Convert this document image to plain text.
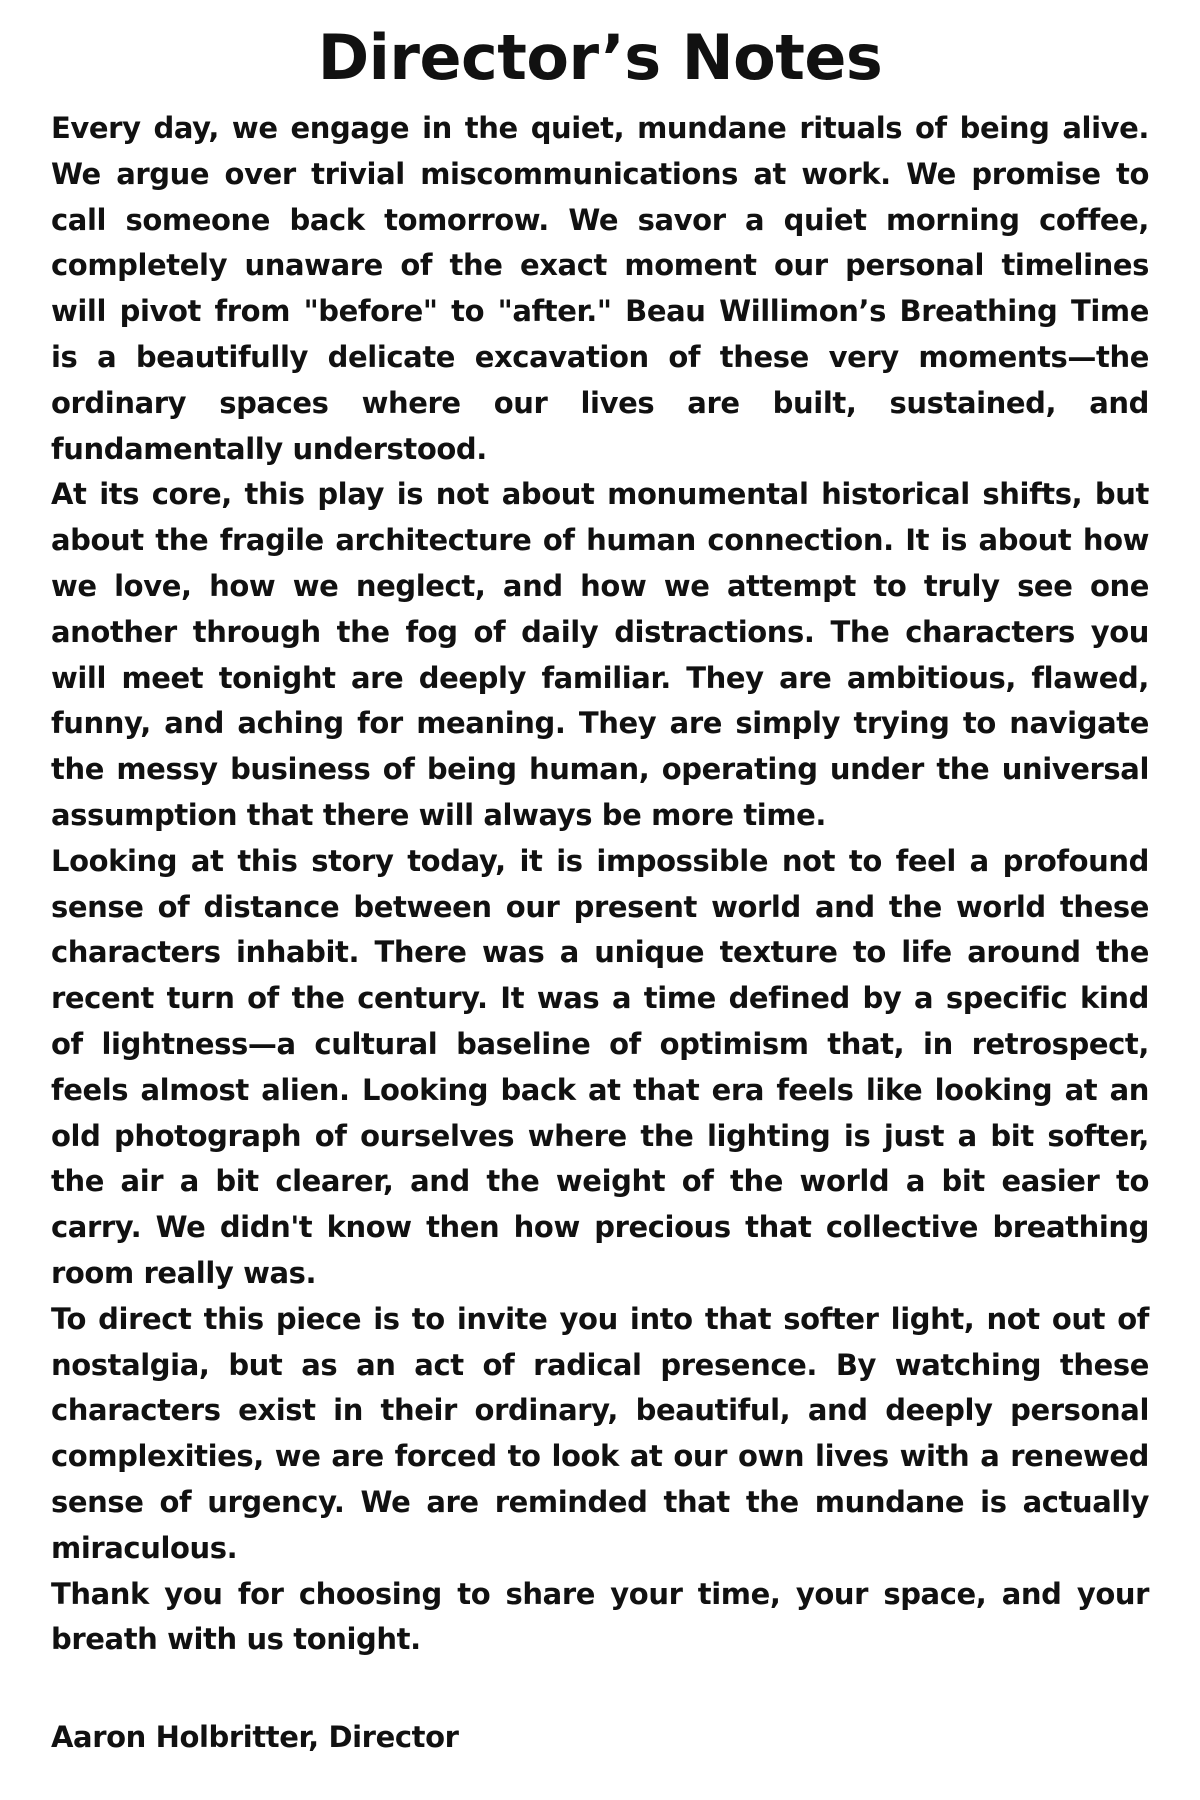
Director’s Notes

Every day, we engage in the quiet, mundane rituals of being alive. We argue over trivial miscommunications at work. We promise to call someone back tomorrow. We savor a quiet morning coffee, completely unaware of the exact moment our personal timelines will pivot from "before" to "after." Beau Willimon’s Breathing Time is a beautifully delicate excavation of these very moments—the ordinary spaces where our lives are built, sustained, and fundamentally understood.

At its core, this play is not about monumental historical shifts, but about the fragile architecture of human connection. It is about how we love, how we neglect, and how we attempt to truly see one another through the fog of daily distractions. The characters you will meet tonight are deeply familiar. They are ambitious, flawed, funny, and aching for meaning. They are simply trying to navigate the messy business of being human, operating under the universal assumption that there will always be more time.

Looking at this story today, it is impossible not to feel a profound sense of distance between our present world and the world these characters inhabit. There was a unique texture to life around the recent turn of the century. It was a time defined by a specific kind of lightness—a cultural baseline of optimism that, in retrospect, feels almost alien. Looking back at that era feels like looking at an old photograph of ourselves where the lighting is just a bit softer, the air a bit clearer, and the weight of the world a bit easier to carry. We didn't know then how precious that collective breathing room really was.

To direct this piece is to invite you into that softer light, not out of nostalgia, but as an act of radical presence. By watching these characters exist in their ordinary, beautiful, and deeply personal complexities, we are forced to look at our own lives with a renewed sense of urgency. We are reminded that the mundane is actually miraculous.

Thank you for choosing to share your time, your space, and your breath with us tonight.

Aaron Holbritter, Director
